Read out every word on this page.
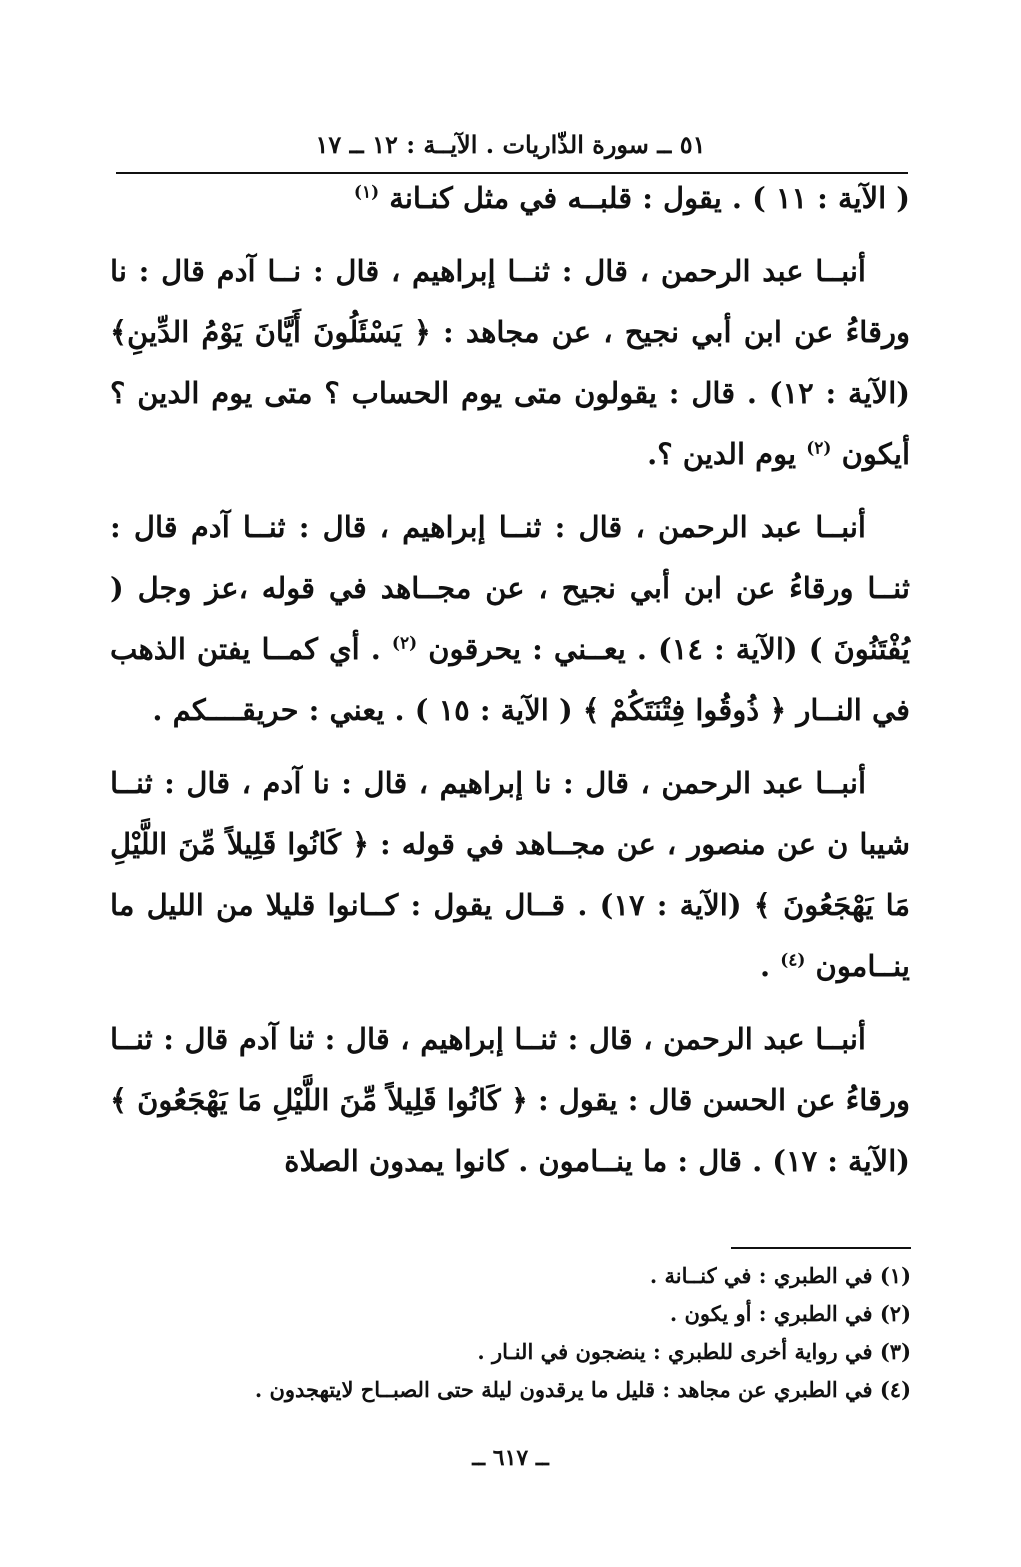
٥١ ــ سورة الذّاريات . الآيــة : ١٢ ــ ١٧

( الآية : ١١ ) . يقول : قلبــه في مثل كنـانة $^{(١)}$

أنبــا عبد الرحمن ، قال : ثنــا إبراهيم ، قال : نــا آدم قال : نا ورقاءُ عن ابن أبي نجيح ، عن مجاهد : ﴿ يَسْئَلُونَ أَيَّانَ يَوْمُ الدِّينِ﴾ (الآية : ١٢) . قال : يقولون متى يوم الحساب ؟ متى يوم الدين ؟ أيكون $^{(٢)}$ يوم الدين ؟.

أنبــا عبد الرحمن ، قال : ثنــا إبراهيم ، قال : ثنــا آدم قال : ثنــا ورقاءُ عن ابن أبي نجيح ، عن مجــاهد في قوله ،عز وجل ( يُفْتَنُونَ ) (الآية : ١٤) . يعــني : يحرقون $^{(٢)}$ . أي كمــا يفتن الذهب في النــار ﴿ ذُوقُوا فِتْنَتَكُمْ ﴾ ( الآية : ١٥ ) . يعني : حريقــــكم .

أنبــا عبد الرحمن ، قال : نا إبراهيم ، قال : نا آدم ، قال : ثنــا شيبا ن عن منصور ، عن مجــاهد في قوله : ﴿ كَانُوا قَلِيلاً مِّنَ اللَّيْلِ مَا يَهْجَعُونَ ﴾ (الآية : ١٧) . قــال يقول : كــانوا قليلا من الليل ما ينــامون $^{(٤)}$ .

أنبــا عبد الرحمن ، قال : ثنــا إبراهيم ، قال : ثنا آدم قال : ثنــا ورقاءُ عن الحسن قال : يقول : ﴿ كَانُوا قَلِيلاً مِّنَ اللَّيْلِ مَا يَهْجَعُونَ ﴾ (الآية : ١٧) . قال : ما ينــامون . كانوا يمدون الصلاة

(١) في الطبري : في كنــانة .

(٢) في الطبري : أو يكون .

(٣) في رواية أخرى للطبري : ينضجون في النـار .

(٤) في الطبري عن مجاهد : قليل ما يرقدون ليلة حتى الصبــاح لايتهجدون .

ــ ٦١٧ ــ
